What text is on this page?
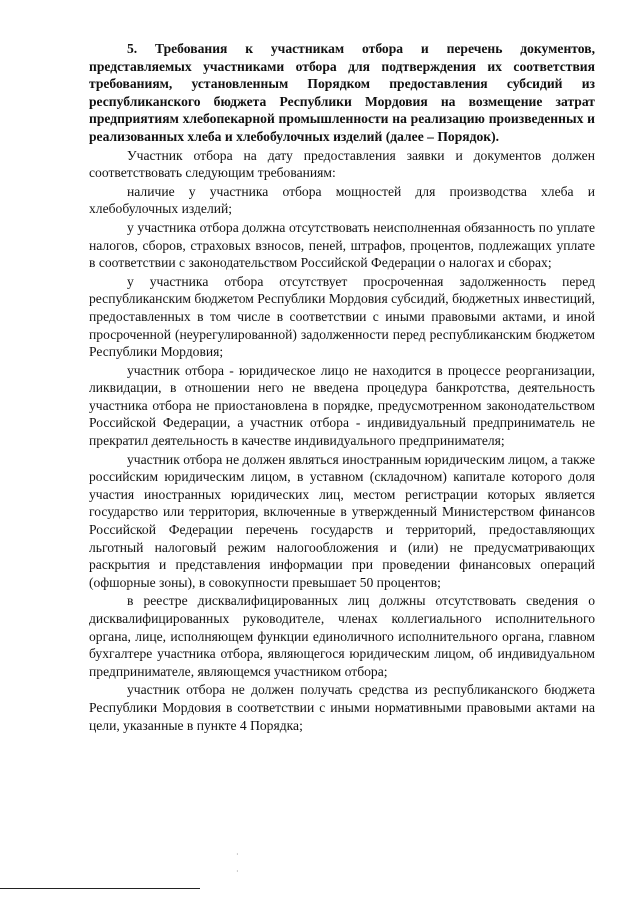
5. Требования к участникам отбора и перечень документов, представляемых участниками отбора для подтверждения их соответствия требованиям, установленным Порядком предоставления субсидий из республиканского бюджета Республики Мордовия на возмещение затрат предприятиям хлебопекарной промышленности на реализацию произведенных и реализованных хлеба и хлебобулочных изделий (далее – Порядок).

Участник отбора на дату предоставления заявки и документов должен соответствовать следующим требованиям:

наличие у участника отбора мощностей для производства хлеба и хлебобулочных изделий;

у участника отбора должна отсутствовать неисполненная обязанность по уплате налогов, сборов, страховых взносов, пеней, штрафов, процентов, подлежащих уплате в соответствии с законодательством Российской Федерации о налогах и сборах;

у участника отбора отсутствует просроченная задолженность перед республиканским бюджетом Республики Мордовия субсидий, бюджетных инвестиций, предоставленных в том числе в соответствии с иными правовыми актами, и иной просроченной (неурегулированной) задолженности перед республиканским бюджетом Республики Мордовия;

участник отбора - юридическое лицо не находится в процессе реорганизации, ликвидации, в отношении него не введена процедура банкротства, деятельность участника отбора не приостановлена в порядке, предусмотренном законодательством Российской Федерации, а участник отбора - индивидуальный предприниматель не прекратил деятельность в качестве индивидуального предпринимателя;

участник отбора не должен являться иностранным юридическим лицом, а также российским юридическим лицом, в уставном (складочном) капитале которого доля участия иностранных юридических лиц, местом регистрации которых является государство или территория, включенные в утвержденный Министерством финансов Российской Федерации перечень государств и территорий, предоставляющих льготный налоговый режим налогообложения и (или) не предусматривающих раскрытия и представления информации при проведении финансовых операций (офшорные зоны), в совокупности превышает 50 процентов;

в реестре дисквалифицированных лиц должны отсутствовать сведения о дисквалифицированных руководителе, членах коллегиального исполнительного органа, лице, исполняющем функции единоличного исполнительного органа, главном бухгалтере участника отбора, являющегося юридическим лицом, об индивидуальном предпринимателе, являющемся участником отбора;

участник отбора не должен получать средства из республиканского бюджета Республики Мордовия в соответствии с иными нормативными правовыми актами на цели, указанные в пункте 4 Порядка;

·
·
